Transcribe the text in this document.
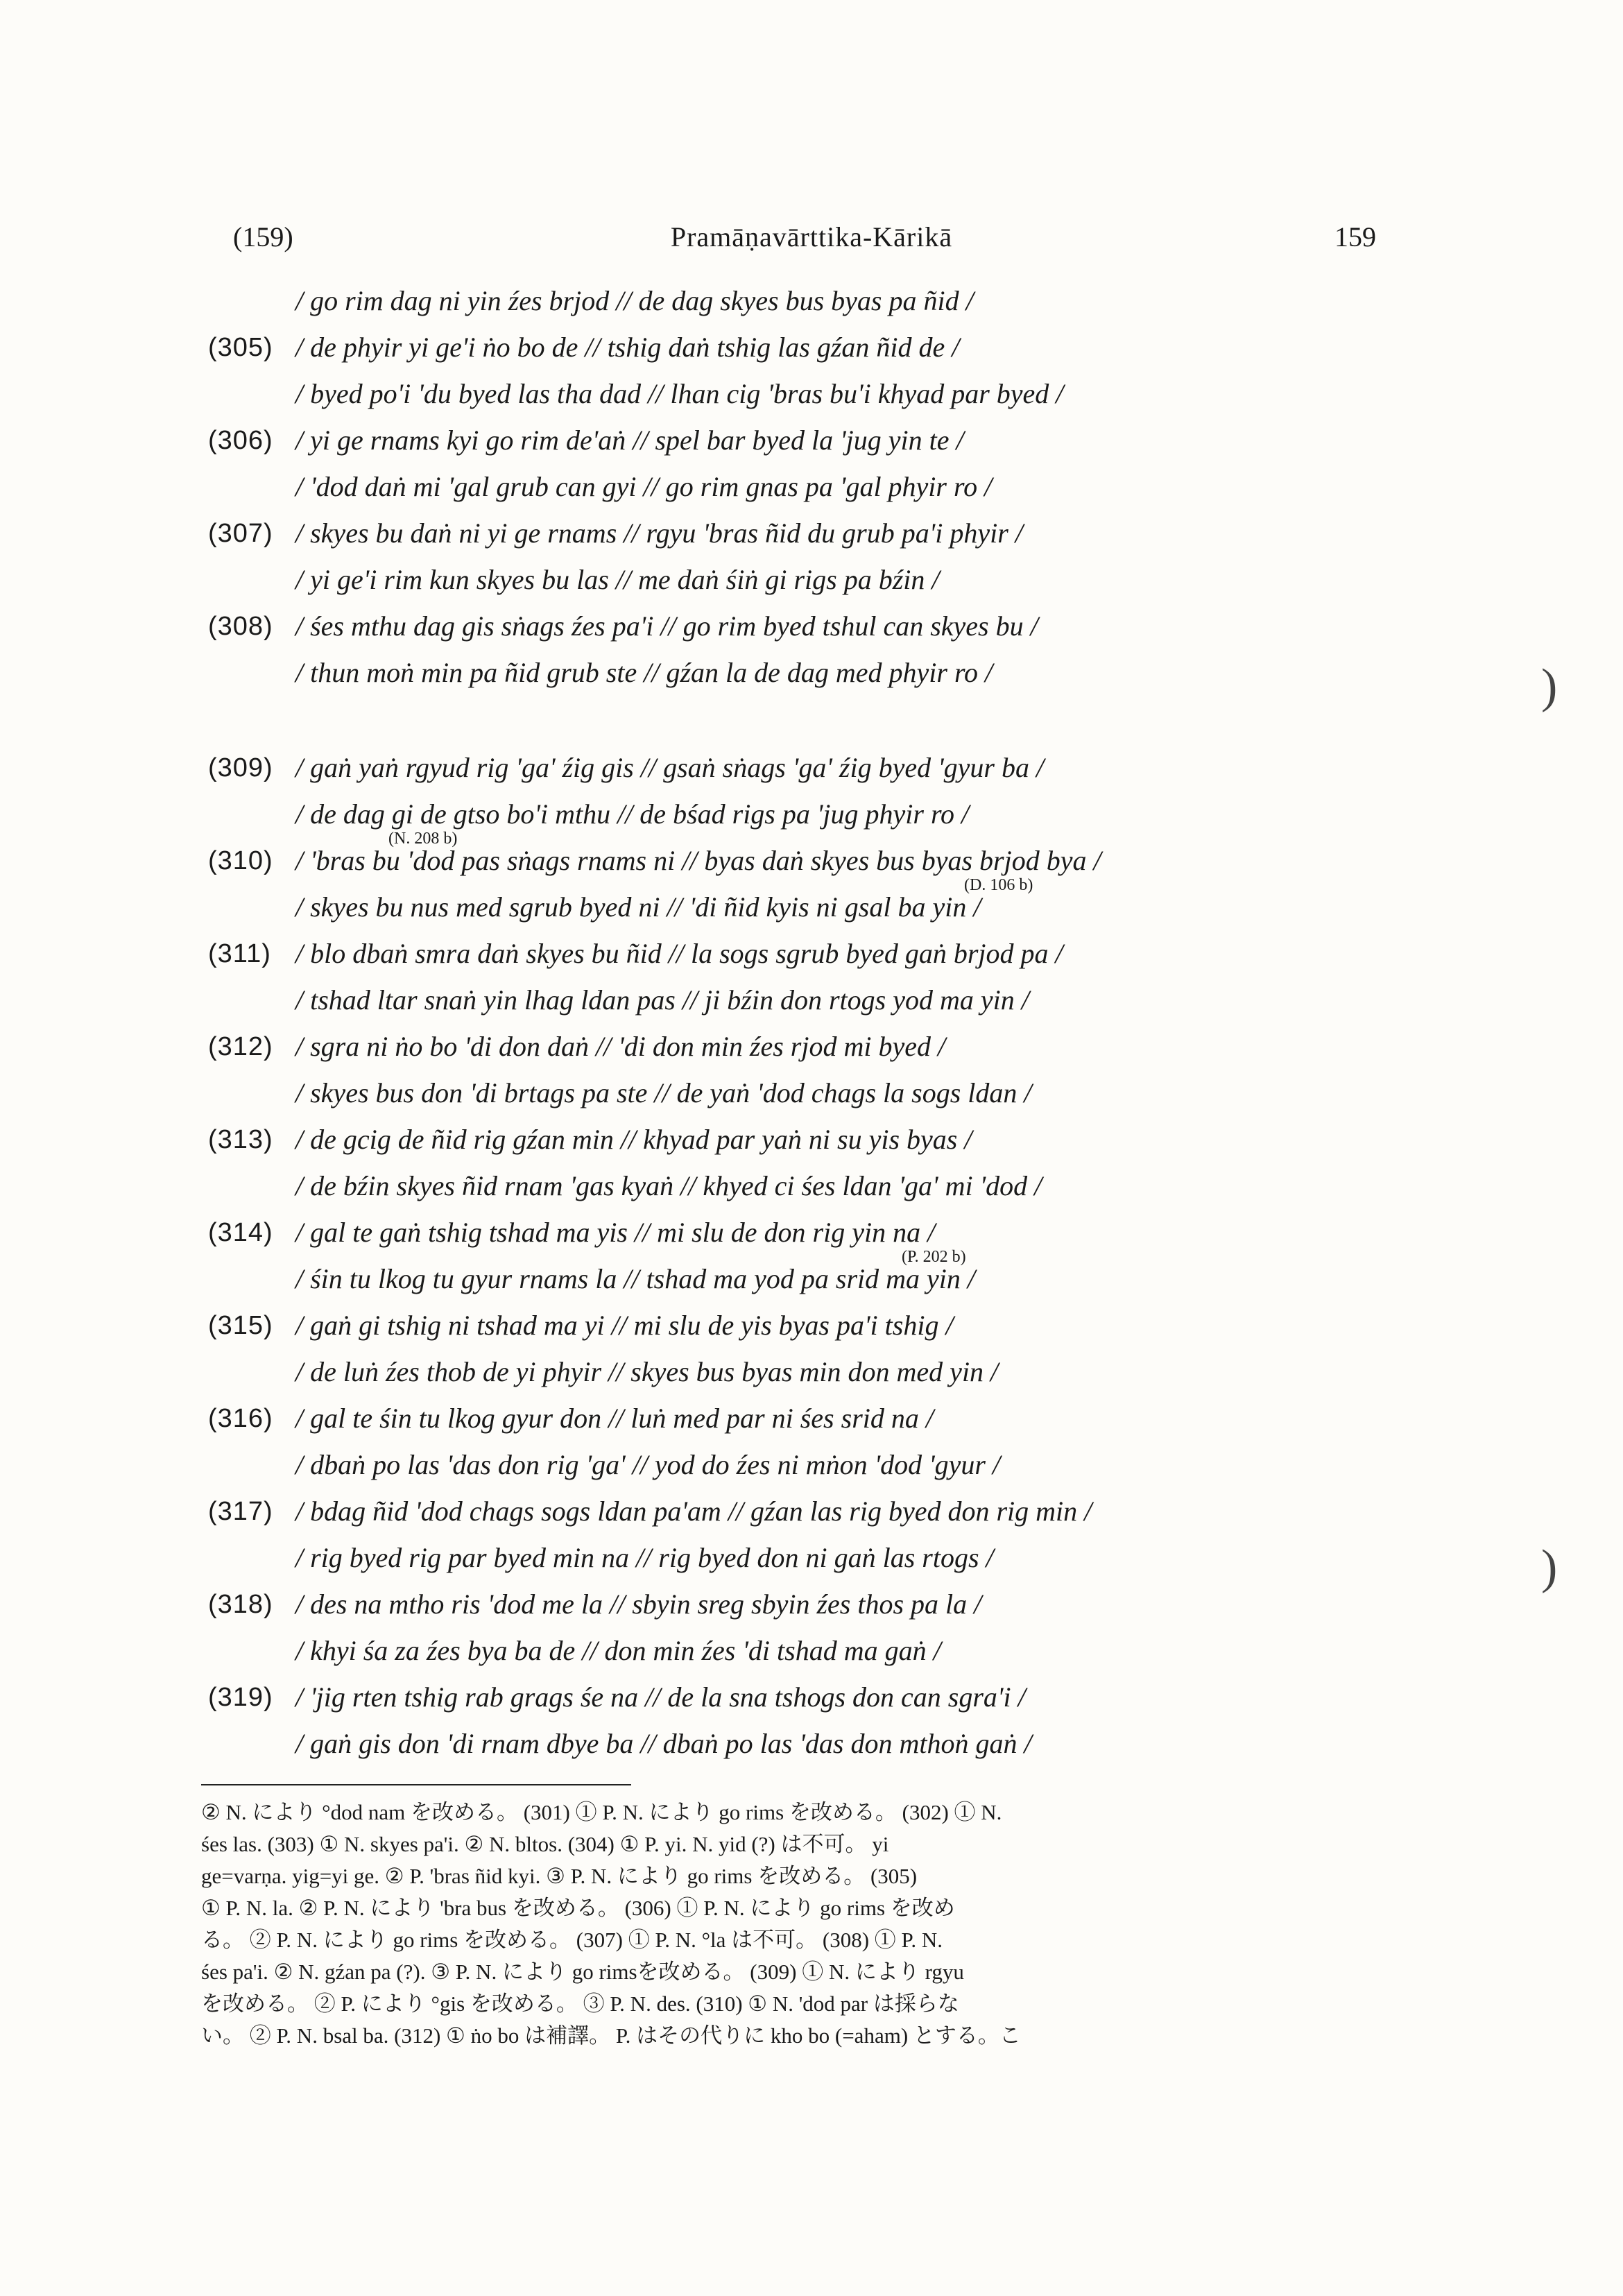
(159)	Pramāṇavārttika-Kārikā	159
/ go rim dag ni yin źes brjod // de dag skyes bus byas pa ñid /
(305) / de phyir yi ge'i ṅo bo de // tshig daṅ tshig las gźan ñid de /
/ byed po'i 'du byed las tha dad // lhan cig 'bras bu'i khyad par byed /
(306) / yi ge rnams kyi go rim de'aṅ // spel bar byed la 'jug yin te /
/ 'dod daṅ mi 'gal grub can gyi // go rim gnas pa 'gal phyir ro /
(307) / skyes bu daṅ ni yi ge rnams // rgyu 'bras ñid du grub pa'i phyir /
/ yi ge'i rim kun skyes bu las // me daṅ śiṅ gi rigs pa bźin /
(308) / śes mthu dag gis sṅags źes pa'i // go rim byed tshul can skyes bu /
/ thun moṅ min pa ñid grub ste // gźan la de dag med phyir ro /
(309) / gaṅ yaṅ rgyud rig 'ga' źig gis // gsaṅ sṅags 'ga' źig byed 'gyur ba /
/ de dag gi de gtso bo'i mthu // de bśad rigs pa 'jug phyir ro /
(310) / 'bras bu 'dod pas sṅags rnams ni // byas daṅ skyes bus byas brjod bya /
/ skyes bu nus med sgrub byed ni // 'di ñid kyis ni gsal ba yin /
(311) / blo dbaṅ smra daṅ skyes bu ñid // la sogs sgrub byed gaṅ brjod pa /
/ tshad ltar snaṅ yin lhag ldan pas // ji bźin don rtogs yod ma yin /
(312) / sgra ni ṅo bo 'di don daṅ // 'di don min źes rjod mi byed /
/ skyes bus don 'di brtags pa ste // de yaṅ 'dod chags la sogs ldan /
(313) / de gcig de ñid rig gźan min // khyad par yaṅ ni su yis byas /
/ de bźin skyes ñid rnam 'gas kyaṅ // khyed ci śes ldan 'ga' mi 'dod /
(314) / gal te gaṅ tshig tshad ma yis // mi slu de don rig yin na /
/ śin tu lkog tu gyur rnams la // tshad ma yod pa srid ma yin /
(315) / gaṅ gi tshig ni tshad ma yi // mi slu de yis byas pa'i tshig /
/ de luṅ źes thob de yi phyir // skyes bus byas min don med yin /
(316) / gal te śin tu lkog gyur don // luṅ med par ni śes srid na /
/ dbaṅ po las 'das don rig 'ga' // yod do źes ni mṅon 'dod 'gyur /
(317) / bdag ñid 'dod chags sogs ldan pa'am // gźan las rig byed don rig min /
/ rig byed rig par byed min na // rig byed don ni gaṅ las rtogs /
(318) / des na mtho ris 'dod me la // sbyin sreg sbyin źes thos pa la /
/ khyi śa za źes bya ba de // don min źes 'di tshad ma gaṅ /
(319) / 'jig rten tshig rab grags śe na // de la sna tshogs don can sgra'i /
/ gaṅ gis don 'di rnam dbye ba // dbaṅ po las 'das don mthoṅ gaṅ /
(N. 208 b)
(D. 106 b)
(P. 202 b)
)
)
② N. により °dod nam を改める。 (301) ① P. N. により go rims を改める。 (302) ① N.
śes las. (303) ① N. skyes pa'i. ② N. bltos. (304) ① P. yi. N. yid (?) は不可。 yi
ge=varṇa. yig=yi ge. ② P. 'bras ñid kyi. ③ P. N. により go rims を改める。 (305)
① P. N. la. ② P. N. により 'bra bus を改める。 (306) ① P. N. により go rims を改め
る。 ② P. N. により go rims を改める。 (307) ① P. N. °la は不可。 (308) ① P. N.
śes pa'i. ② N. gźan pa (?). ③ P. N. により go rimsを改める。 (309) ① N. により rgyu
を改める。 ② P. により °gis を改める。 ③ P. N. des. (310) ① N. 'dod par は採らな
い。 ② P. N. bsal ba. (312) ① ṅo bo は補譯。 P. はその代りに kho bo (=aham) とする。こ
